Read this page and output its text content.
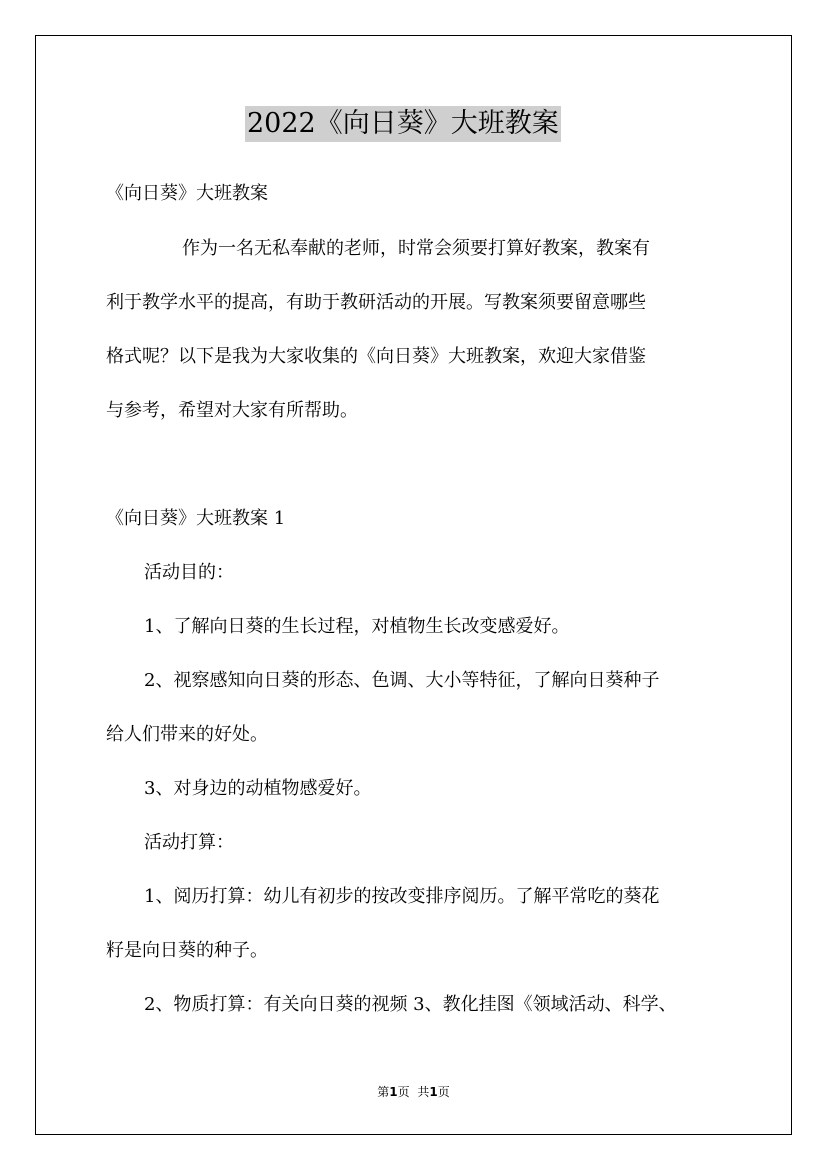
2022《向日葵》大班教案
《向日葵》大班教案
作为一名无私奉献的老师，时常会须要打算好教案，教案有
利于教学水平的提高，有助于教研活动的开展。写教案须要留意哪些
格式呢？以下是我为大家收集的《向日葵》大班教案，欢迎大家借鉴
与参考，希望对大家有所帮助。
《向日葵》大班教案 1
活动目的：
1、了解向日葵的生长过程，对植物生长改变感爱好。
2、视察感知向日葵的形态、色调、大小等特征，了解向日葵种子
给人们带来的好处。
3、对身边的动植物感爱好。
活动打算：
1、阅历打算：幼儿有初步的按改变排序阅历。了解平常吃的葵花
籽是向日葵的种子。
2、物质打算：有关向日葵的视频 3、教化挂图《领域活动、科学、
第1页 共1页
